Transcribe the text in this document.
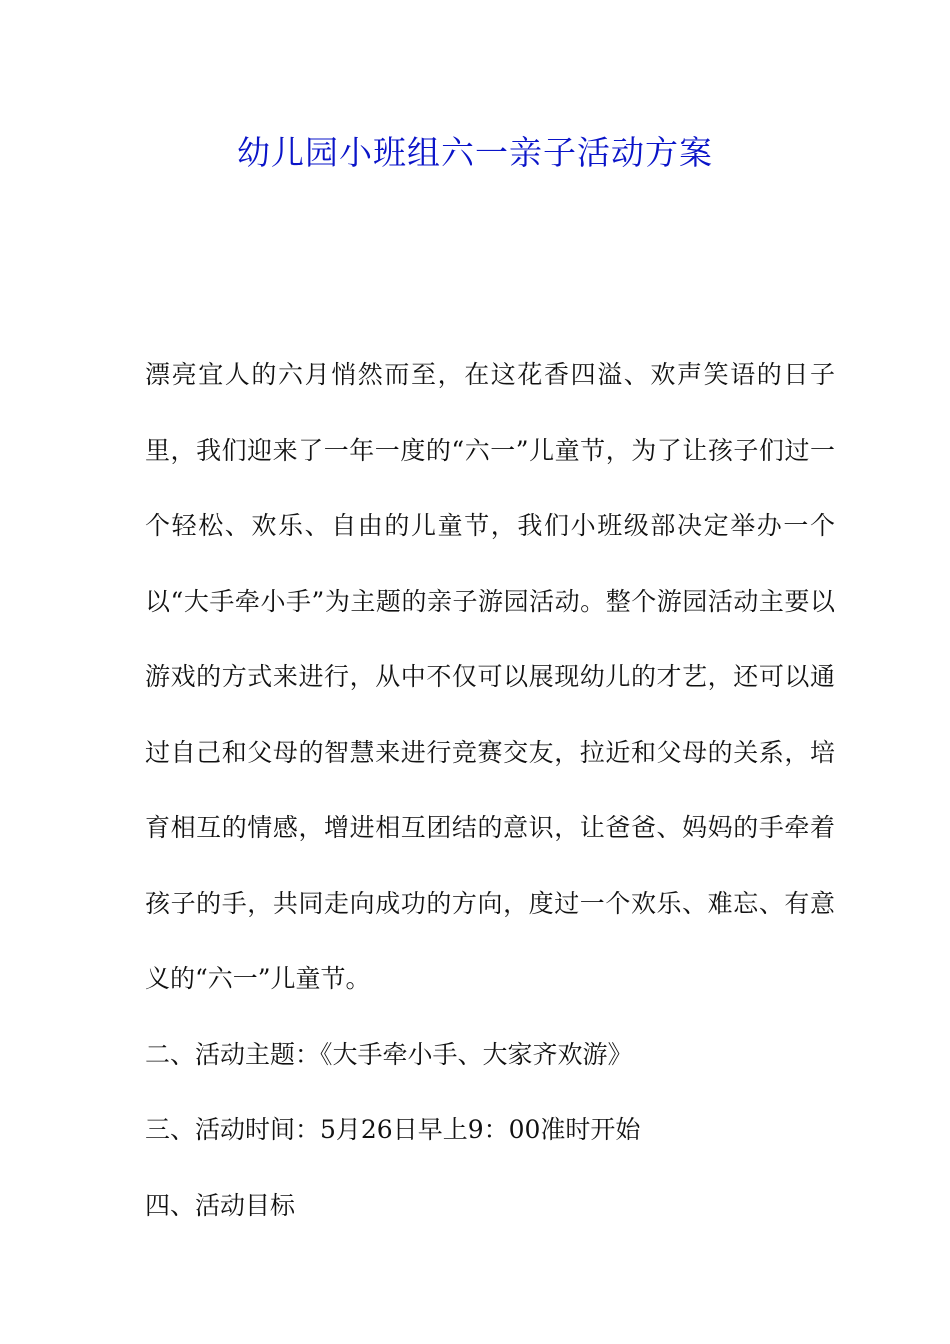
幼儿园小班组六一亲子活动方案

漂亮宜人的六月悄然而至，在这花香四溢、欢声笑语的日子里，我们迎来了一年一度的“六一”儿童节，为了让孩子们过一个轻松、欢乐、自由的儿童节，我们小班级部决定举办一个以“大手牵小手”为主题的亲子游园活动。整个游园活动主要以游戏的方式来进行，从中不仅可以展现幼儿的才艺，还可以通过自己和父母的智慧来进行竞赛交友，拉近和父母的关系，培育相互的情感，增进相互团结的意识，让爸爸、妈妈的手牵着孩子的手，共同走向成功的方向，度过一个欢乐、难忘、有意义的“六一”儿童节。

二、活动主题：《大手牵小手、大家齐欢游》

三、活动时间：5月26日早上9：00准时开始

四、活动目标
